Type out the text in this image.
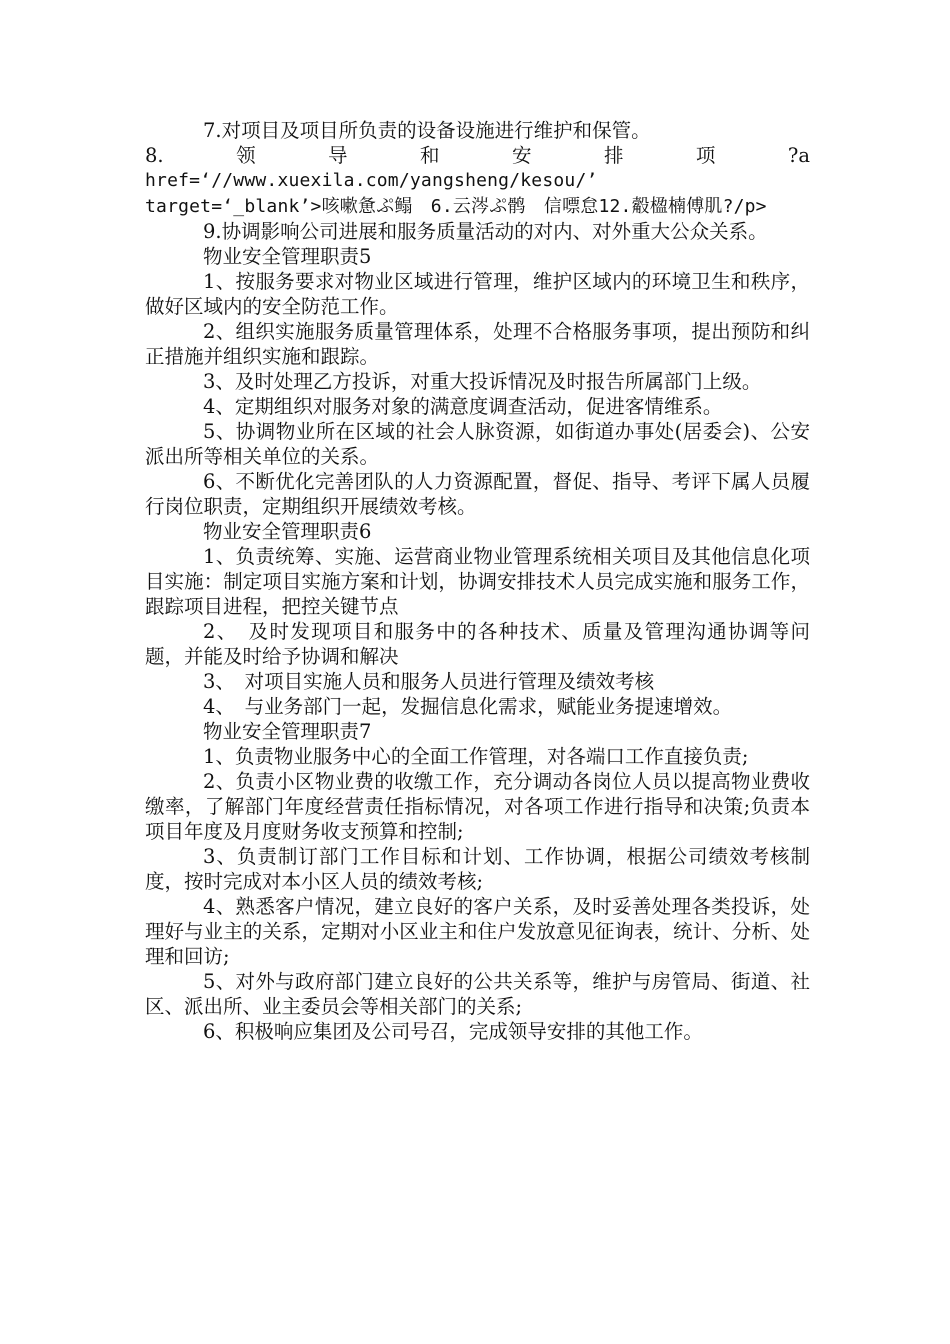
7.对项目及项目所负责的设备设施进行维护和保管。

8.	领	导	和	安	排	项	?a

href=‘//www.xuexila.com/yangsheng/kesou/’

target=‘_blank’>咳嗽惫ぷ鳎　6.云涔ぷ鹘　信嘌怠12.觳楹楠傅肌?/p>

9.协调影响公司进展和服务质量活动的对内、对外重大公众关系。

物业安全管理职责5

1、按服务要求对物业区域进行管理，维护区域内的环境卫生和秩序，做好区域内的安全防范工作。

2、组织实施服务质量管理体系，处理不合格服务事项，提出预防和纠正措施并组织实施和跟踪。

3、及时处理乙方投诉，对重大投诉情况及时报告所属部门上级。

4、定期组织对服务对象的满意度调查活动，促进客情维系。

5、协调物业所在区域的社会人脉资源，如街道办事处(居委会)、公安派出所等相关单位的关系。

6、不断优化完善团队的人力资源配置，督促、指导、考评下属人员履行岗位职责，定期组织开展绩效考核。

物业安全管理职责6

1、负责统筹、实施、运营商业物业管理系统相关项目及其他信息化项目实施：制定项目实施方案和计划，协调安排技术人员完成实施和服务工作，跟踪项目进程，把控关键节点

2、　及时发现项目和服务中的各种技术、质量及管理沟通协调等问题，并能及时给予协调和解决

3、　对项目实施人员和服务人员进行管理及绩效考核

4、　与业务部门一起，发掘信息化需求，赋能业务提速增效。

物业安全管理职责7

1、负责物业服务中心的全面工作管理，对各端口工作直接负责;

2、负责小区物业费的收缴工作，充分调动各岗位人员以提高物业费收缴率，了解部门年度经营责任指标情况，对各项工作进行指导和决策;负责本项目年度及月度财务收支预算和控制;

3、负责制订部门工作目标和计划、工作协调，根据公司绩效考核制度，按时完成对本小区人员的绩效考核;

4、熟悉客户情况，建立良好的客户关系，及时妥善处理各类投诉，处理好与业主的关系，定期对小区业主和住户发放意见征询表，统计、分析、处理和回访;

5、对外与政府部门建立良好的公共关系等，维护与房管局、街道、社区、派出所、业主委员会等相关部门的关系;

6、积极响应集团及公司号召，完成领导安排的其他工作。
